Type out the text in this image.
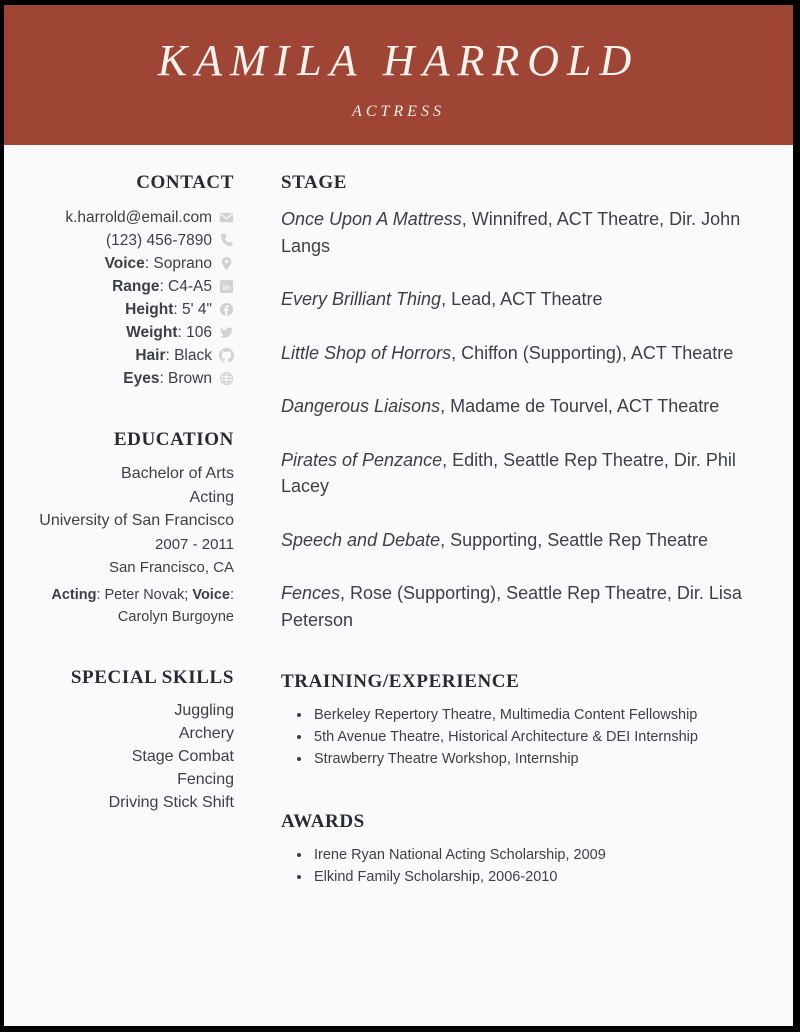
KAMILA HARROLD
ACTRESS
CONTACT
k.harrold@email.com
(123) 456-7890
Voice : Soprano
Range : C4-A5 in
Height : 5' 4"
Weight : 106
Hair : Black
Eyes : Brown
EDUCATION
Bachelor of Arts
Acting
University of San Francisco
2007 - 2011
San Francisco, CA
Acting: Peter Novak; Voice: Carolyn Burgoyne
SPECIAL SKILLS
Juggling
Archery
Stage Combat
Fencing
Driving Stick Shift
STAGE

Once Upon A Mattress, Winnifred, ACT Theatre, Dir. John Langs

Every Brilliant Thing, Lead, ACT Theatre

Little Shop of Horrors, Chiffon (Supporting), ACT Theatre

Dangerous Liaisons, Madame de Tourvel, ACT Theatre

Pirates of Penzance, Edith, Seattle Rep Theatre, Dir. Phil Lacey

Speech and Debate, Supporting, Seattle Rep Theatre

Fences, Rose (Supporting), Seattle Rep Theatre, Dir. Lisa Peterson

TRAINING/EXPERIENCE
• Berkeley Repertory Theatre, Multimedia Content Fellowship
• 5th Avenue Theatre, Historical Architecture & DEI Internship
• Strawberry Theatre Workshop, Internship
AWARDS
• Irene Ryan National Acting Scholarship, 2009
• Elkind Family Scholarship, 2006-2010
